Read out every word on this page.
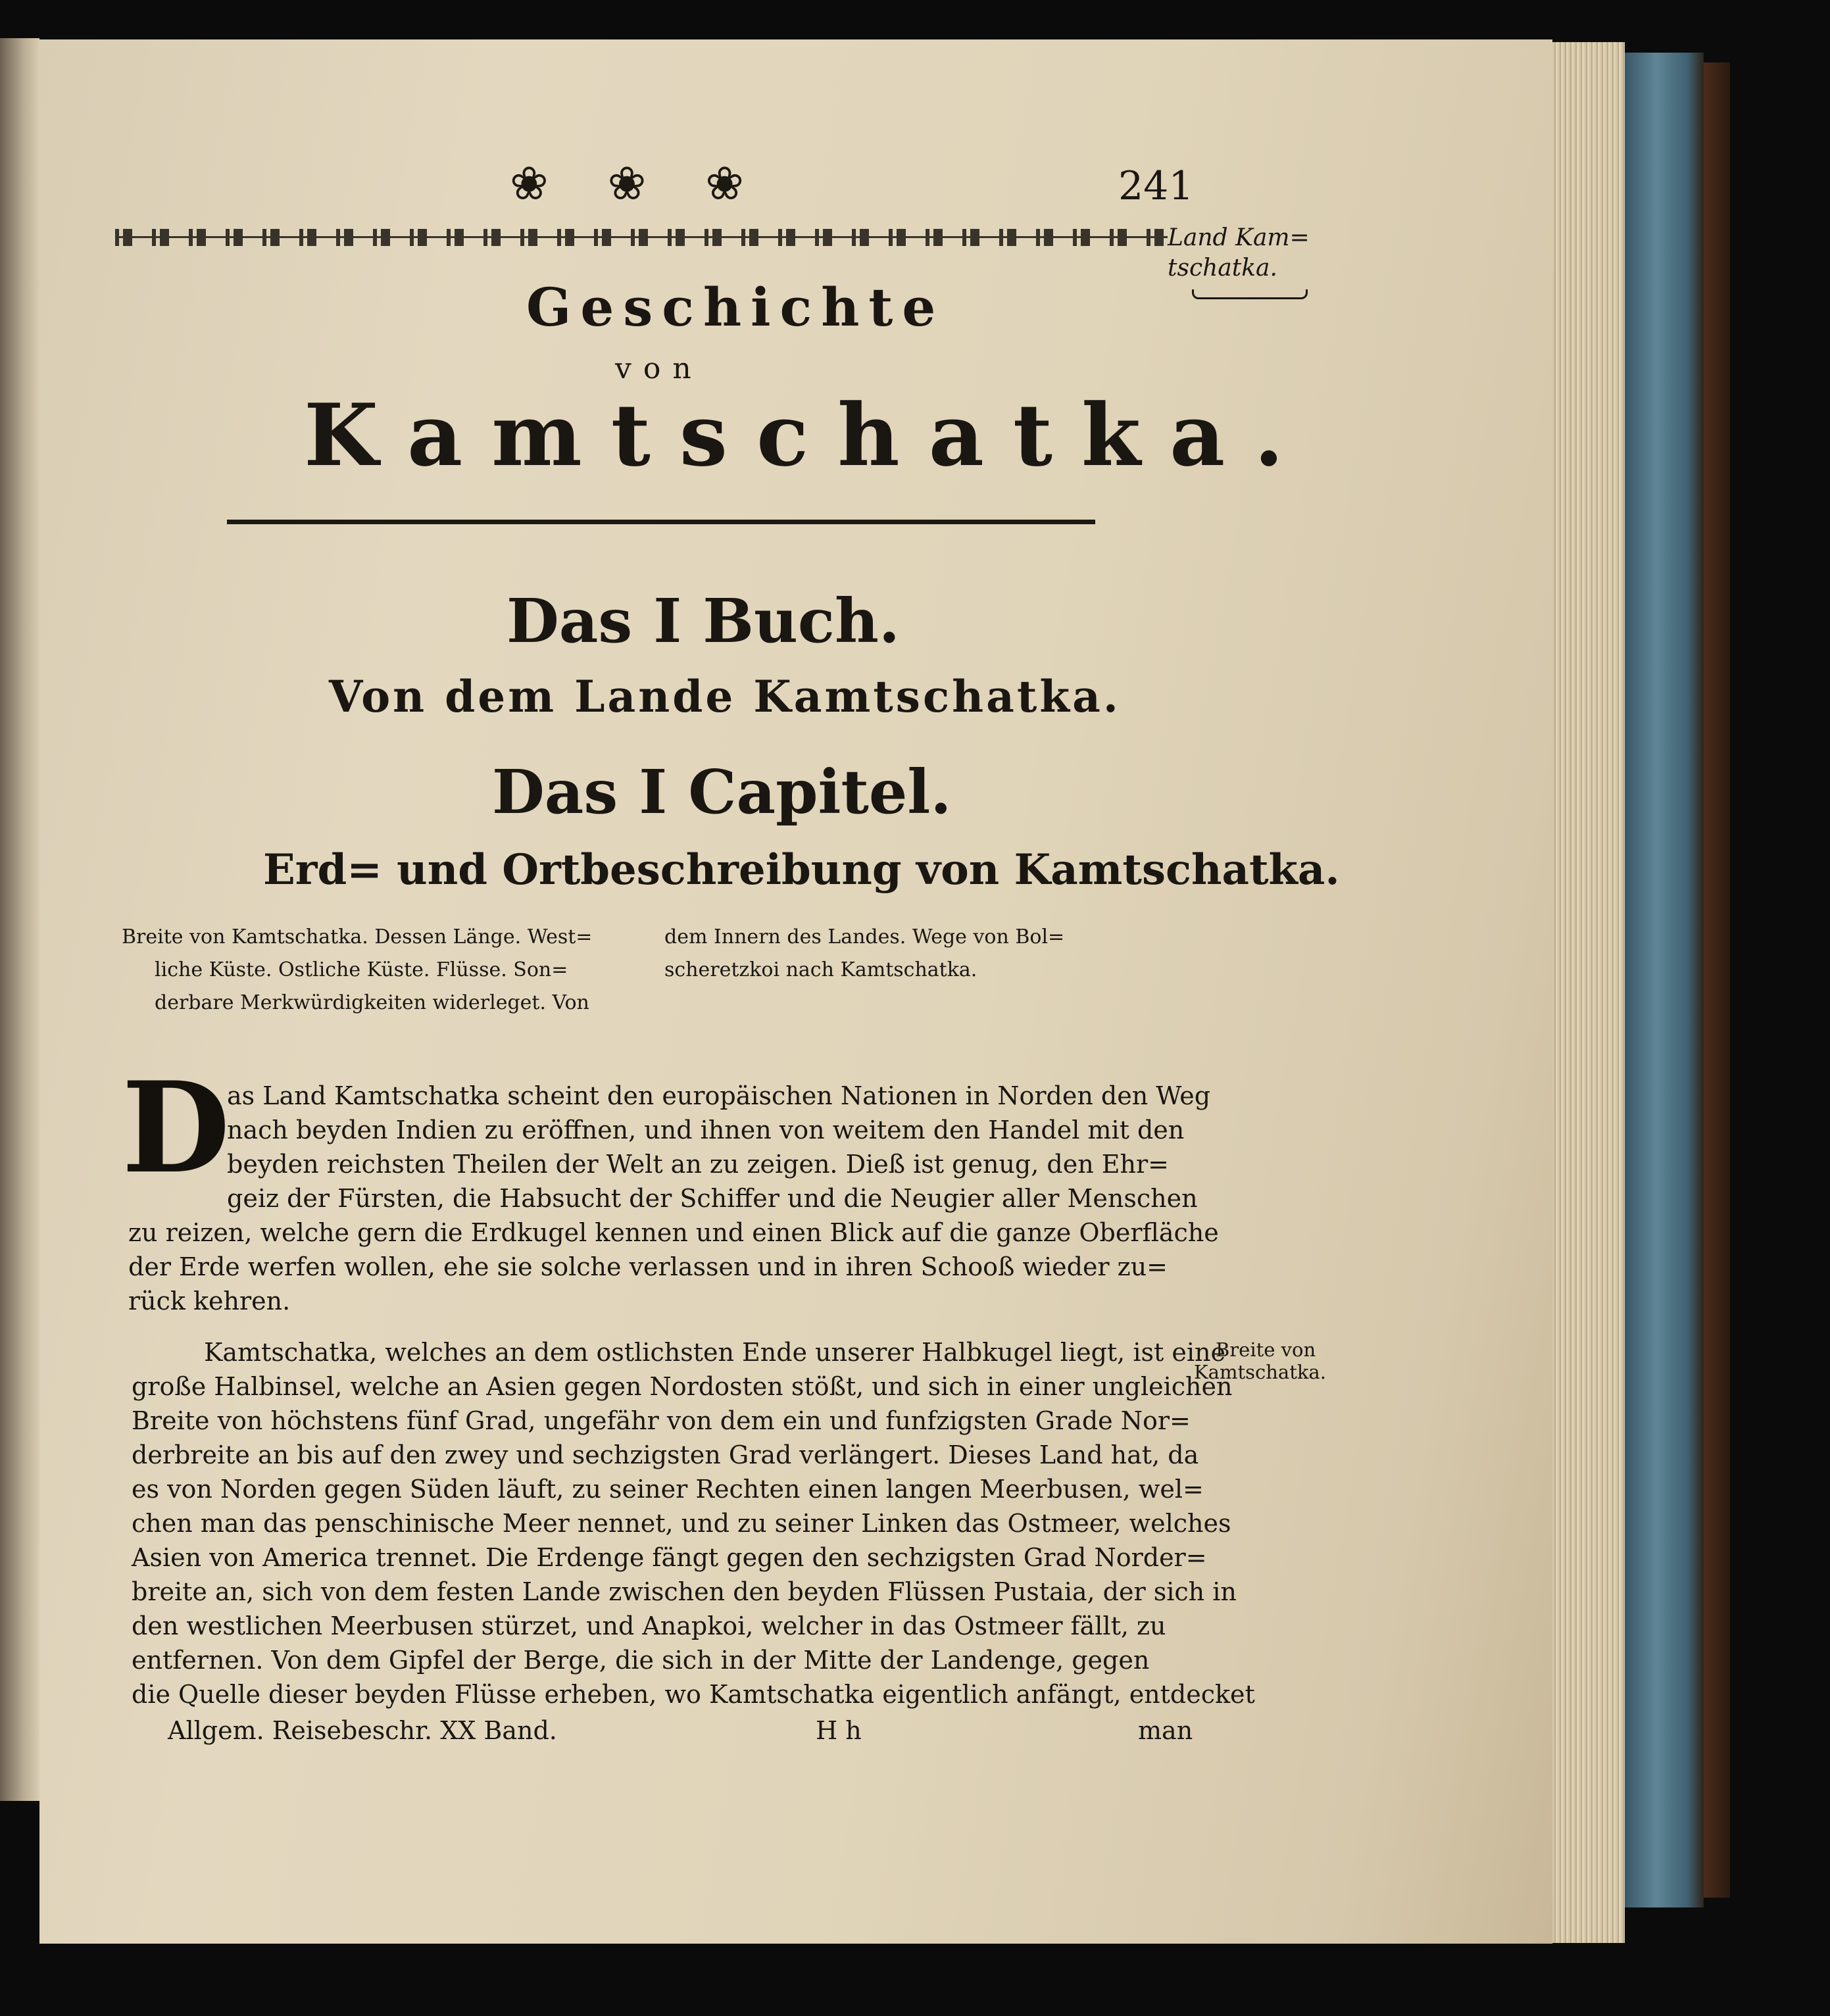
❀❀❀	241
Land Kam=
tschatka.
Geschichte
von
Kamtschatka.
Das I Buch.
Von dem Lande Kamtschatka.
Das I Capitel.
Erd= und Ortbeschreibung von Kamtschatka.
Breite von Kamtschatka. Dessen Länge. West=
liche Küste. Ostliche Küste. Flüsse. Son=
derbare Merkwürdigkeiten widerleget. Von
dem Innern des Landes. Wege von Bol=
scheretzkoi nach Kamtschatka.
D
as Land Kamtschatka scheint den europäischen Nationen in Norden den Weg
nach beyden Indien zu eröffnen, und ihnen von weitem den Handel mit den
beyden reichsten Theilen der Welt an zu zeigen. Dieß ist genug, den Ehr=
geiz der Fürsten, die Habsucht der Schiffer und die Neugier aller Menschen
zu reizen, welche gern die Erdkugel kennen und einen Blick auf die ganze Oberfläche
der Erde werfen wollen, ehe sie solche verlassen und in ihren Schooß wieder zu=
rück kehren.
Kamtschatka, welches an dem ostlichsten Ende unserer Halbkugel liegt, ist eine
große Halbinsel, welche an Asien gegen Nordosten stößt, und sich in einer ungleichen
Breite von höchstens fünf Grad, ungefähr von dem ein und funfzigsten Grade Nor=
derbreite an bis auf den zwey und sechzigsten Grad verlängert. Dieses Land hat, da
es von Norden gegen Süden läuft, zu seiner Rechten einen langen Meerbusen, wel=
chen man das penschinische Meer nennet, und zu seiner Linken das Ostmeer, welches
Asien von America trennet. Die Erdenge fängt gegen den sechzigsten Grad Norder=
breite an, sich von dem festen Lande zwischen den beyden Flüssen Pustaia, der sich in
den westlichen Meerbusen stürzet, und Anapkoi, welcher in das Ostmeer fällt, zu
entfernen. Von dem Gipfel der Berge, die sich in der Mitte der Landenge, gegen
die Quelle dieser beyden Flüsse erheben, wo Kamtschatka eigentlich anfängt, entdecket
Breite von
Kamtschatka.
Allgem. Reisebeschr. XX Band.	H h	man
